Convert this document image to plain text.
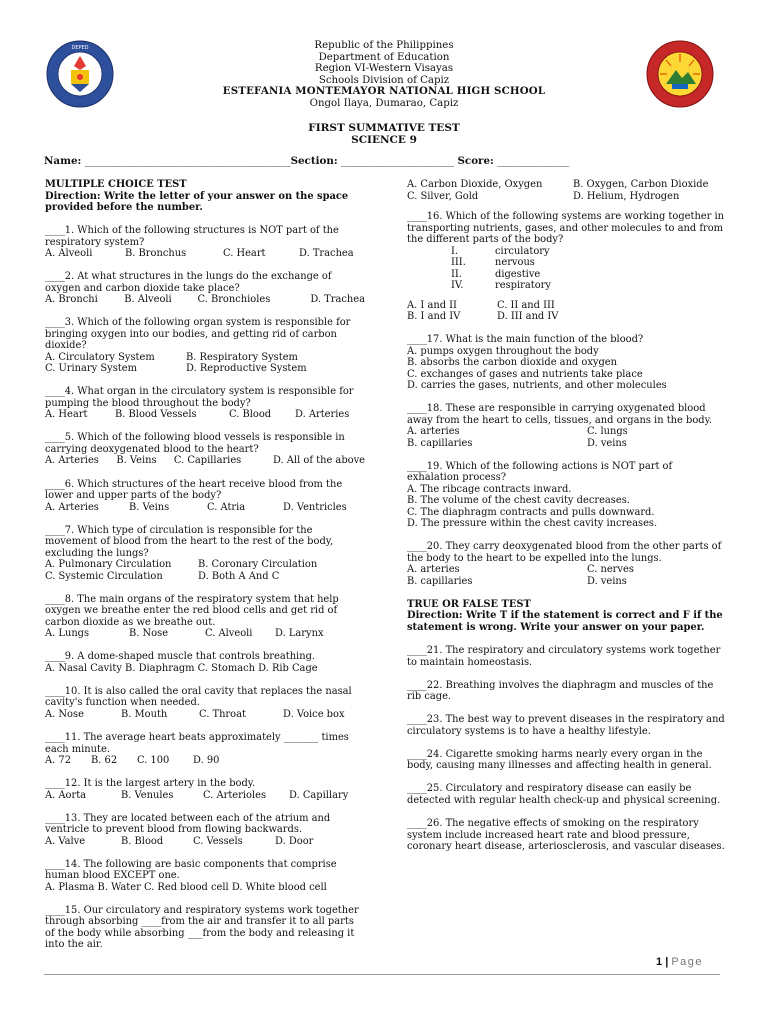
DEPED	Republic of the Philippines
Department of Education
Region VI-Western Visayas
Schools Division of Capiz
ESTEFANIA MONTEMAYOR NATIONAL HIGH SCHOOL
Ongol Ilaya, Dumarao, Capiz
FIRST SUMMATIVE TEST
SCIENCE 9
Name: ________________________________________Section: ______________________ Score: ______________
MULTIPLE CHOICE TEST
Direction: Write the letter of your answer on the space provided before the number.

____1. Which of the following structures is NOT part of the respiratory system?

A. Alveoli	B. Bronchus	C. Heart	D. Trachea

____2. At what structures in the lungs do the exchange of oxygen and carbon dioxide take place?

A. Bronchi	B. Alveoli	C. Bronchioles	D. Trachea

____3. Which of the following organ system is responsible for bringing oxygen into our bodies, and getting rid of carbon dioxide?

A. Circulatory System	B. Respiratory System
C. Urinary System	D. Reproductive System

____4. What organ in the circulatory system is responsible for pumping the blood throughout the body?

A. Heart	B. Blood Vessels	C. Blood	D. Arteries

____5. Which of the following blood vessels is responsible in carrying deoxygenated blood to the heart?

A. Arteries	B. Veins	C. Capillaries	D. All of the above

____6. Which structures of the heart receive blood from the lower and upper parts of the body?

A. Arteries	B. Veins	C. Atria	D. Ventricles

____7. Which type of circulation is responsible for the movement of blood from the heart to the rest of the body, excluding the lungs?

A. Pulmonary Circulation	B. Coronary Circulation
C. Systemic Circulation	D. Both A And C

____8. The main organs of the respiratory system that help oxygen we breathe enter the red blood cells and get rid of carbon dioxide as we breathe out.

A. Lungs	B. Nose	C. Alveoli	D. Larynx

____9. A dome-shaped muscle that controls breathing.

A. Nasal Cavity B. Diaphragm C. Stomach D. Rib Cage

____10. It is also called the oral cavity that replaces the nasal cavity's function when needed.

A. Nose	B. Mouth	C. Throat	D. Voice box

____11. The average heart beats approximately _______ times each minute.

A. 72	B. 62	C. 100	D. 90

____12. It is the largest artery in the body.

A. Aorta	B. Venules	C. Arterioles	D. Capillary

____13. They are located between each of the atrium and ventricle to prevent blood from flowing backwards.

A. Valve	B. Blood	C. Vessels	D. Door

____14. The following are basic components that comprise human blood EXCEPT one.

A. Plasma B. Water C. Red blood cell D. White blood cell

____15. Our circulatory and respiratory systems work together through absorbing ____from the air and transfer it to all parts of the body while absorbing ___from the body and releasing it into the air.

A. Carbon Dioxide, Oxygen	B. Oxygen, Carbon Dioxide
C. Silver, Gold	D. Helium, Hydrogen

____16. Which of the following systems are working together in transporting nutrients, gases, and other molecules to and from the different parts of the body?

I.	circulatory
III.	nervous
II.	digestive
IV.	respiratory
A. I and II	C. II and III
B. I and IV	D. III and IV

____17. What is the main function of the blood?

A. pumps oxygen throughout the body

B. absorbs the carbon dioxide and oxygen

C. exchanges of gases and nutrients take place

D. carries the gases, nutrients, and other molecules

____18. These are responsible in carrying oxygenated blood away from the heart to cells, tissues, and organs in the body.

A. arteries	C. lungs
B. capillaries	D. veins

____19. Which of the following actions is NOT part of exhalation process?

A. The ribcage contracts inward.

B. The volume of the chest cavity decreases.

C. The diaphragm contracts and pulls downward.

D. The pressure within the chest cavity increases.

____20. They carry deoxygenated blood from the other parts of the body to the heart to be expelled into the lungs.

A. arteries	C. nerves
B. capillaries	D. veins
TRUE OR FALSE TEST
Direction: Write T if the statement is correct and F if the statement is wrong. Write your answer on your paper.
____21. The respiratory and circulatory systems work together to maintain homeostasis.
____22. Breathing involves the diaphragm and muscles of the rib cage.
____23. The best way to prevent diseases in the respiratory and circulatory systems is to have a healthy lifestyle.
____24. Cigarette smoking harms nearly every organ in the body, causing many illnesses and affecting health in general.
____25. Circulatory and respiratory disease can easily be detected with regular health check-up and physical screening.
____26. The negative effects of smoking on the respiratory system include increased heart rate and blood pressure, coronary heart disease, arteriosclerosis, and vascular diseases.
1 | Page
